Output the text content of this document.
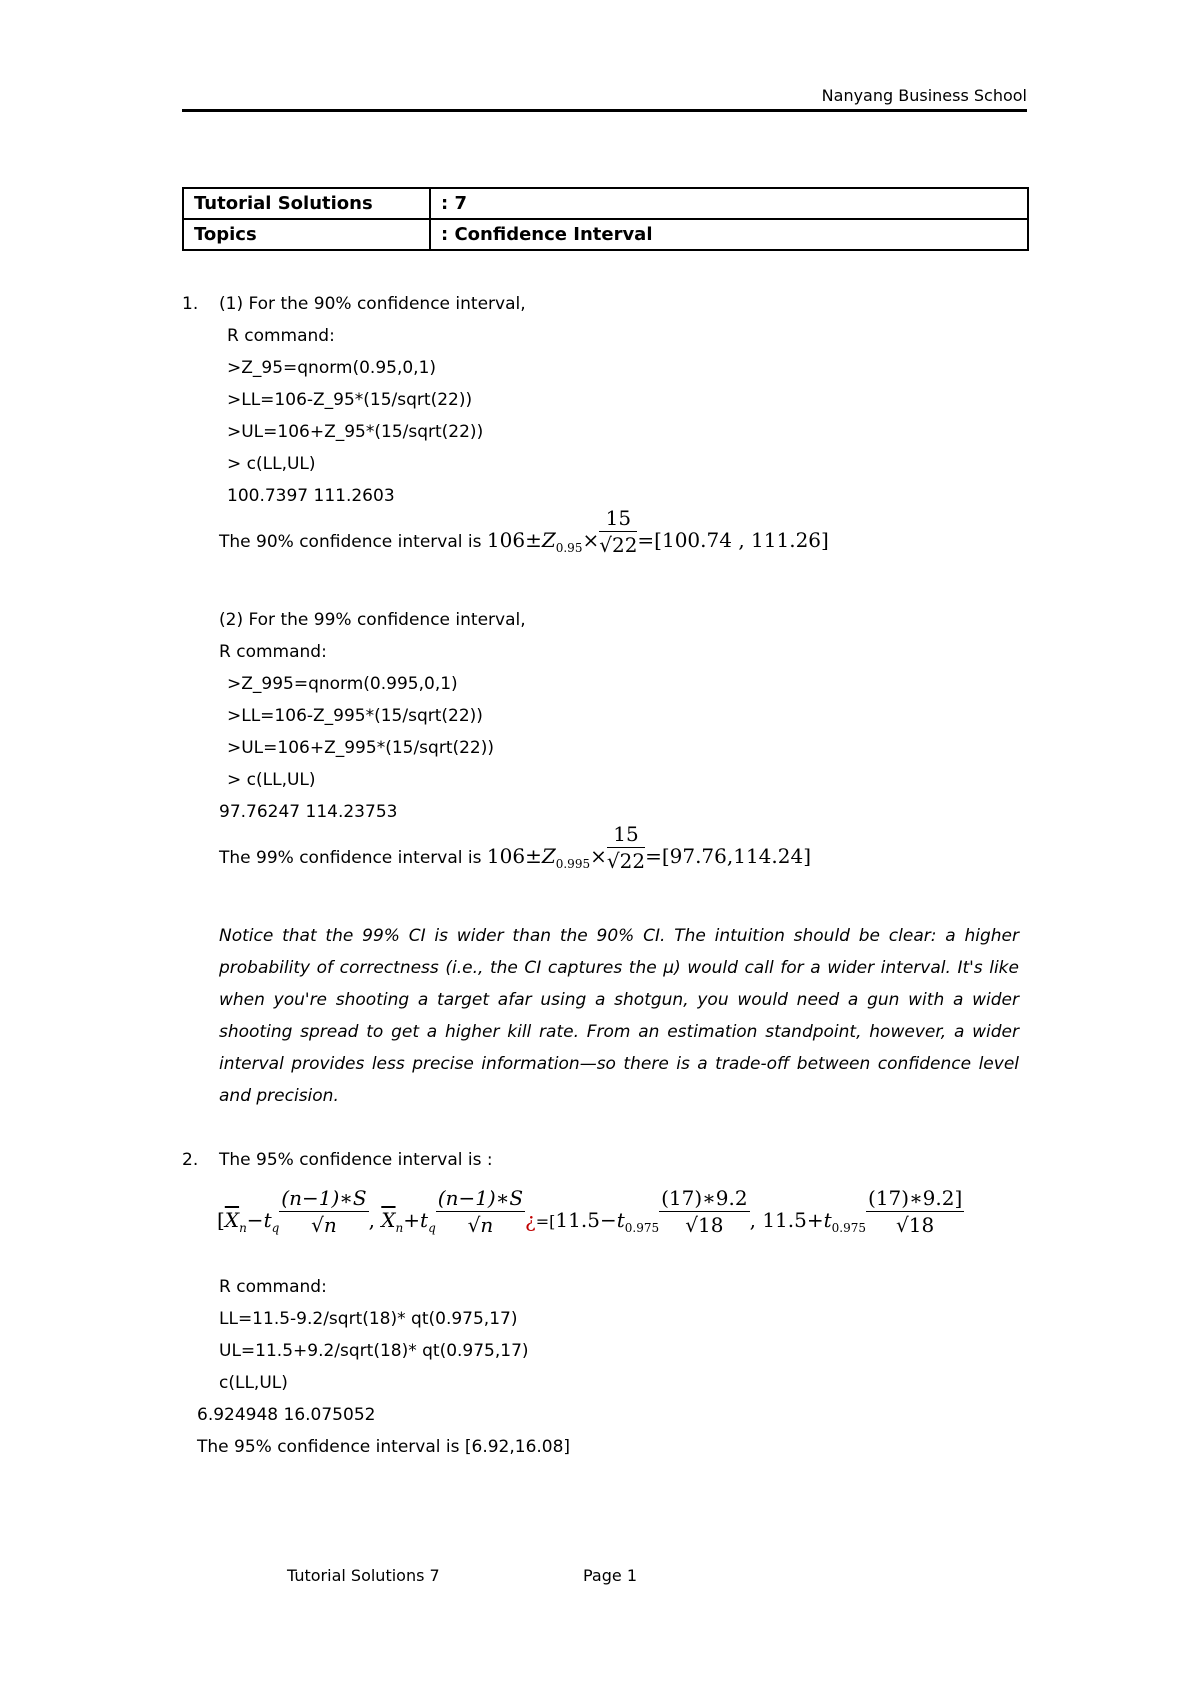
Nanyang Business School
Tutorial Solutions	: 7
Topics	: Confidence Interval
1. (1) For the 90% confidence interval,
R command:
>Z_95=qnorm(0.95,0,1)
>LL=106-Z_95*(15/sqrt(22))
>UL=106+Z_95*(15/sqrt(22))
> c(LL,UL)
100.7397 111.2603
The 90% confidence interval is $106\pm Z_{0.95}\times \frac{15}{√22} =[100.74$ , 111.26]
(2) For the 99% confidence interval,
R command:
>Z_995=qnorm(0.995,0,1)
>LL=106-Z_995*(15/sqrt(22))
>UL=106+Z_995*(15/sqrt(22))
> c(LL,UL)
97.76247 114.23753
The 99% confidence interval is $106\pm Z_{0.995}\times \frac{15}{√22} =[97.76,114.24]$
Notice that the 99% CI is wider than the 90% CI. The intuition should be clear: a higher probability of correctness (i.e., the CI captures the μ) would call for a wider interval. It's like when you're shooting a target afar using a shotgun, you would need a gun with a wider shooting spread to get a higher kill rate. From an estimation standpoint, however, a wider interval provides less precise information—so there is a trade-off between confidence level and precision.
2. The 95% confidence interval is :
[$\overline{X}_n-t_q \frac{(n-1)∗S}{√n}$ , $\overline{X}_n+t_q \frac{(n-1)∗S}{√n}$ ¿$=[11.5-t_{0.975} \frac{(17)∗9.2}{√18}$ , $11.5+t_{0.975} \frac{(17)∗9.2]}{√18}$
R command:
LL=11.5-9.2/sqrt(18)* qt(0.975,17)
UL=11.5+9.2/sqrt(18)* qt(0.975,17)
c(LL,UL)
6.924948 16.075052
The 95% confidence interval is [6.92,16.08]
Tutorial Solutions 7	Page 1
